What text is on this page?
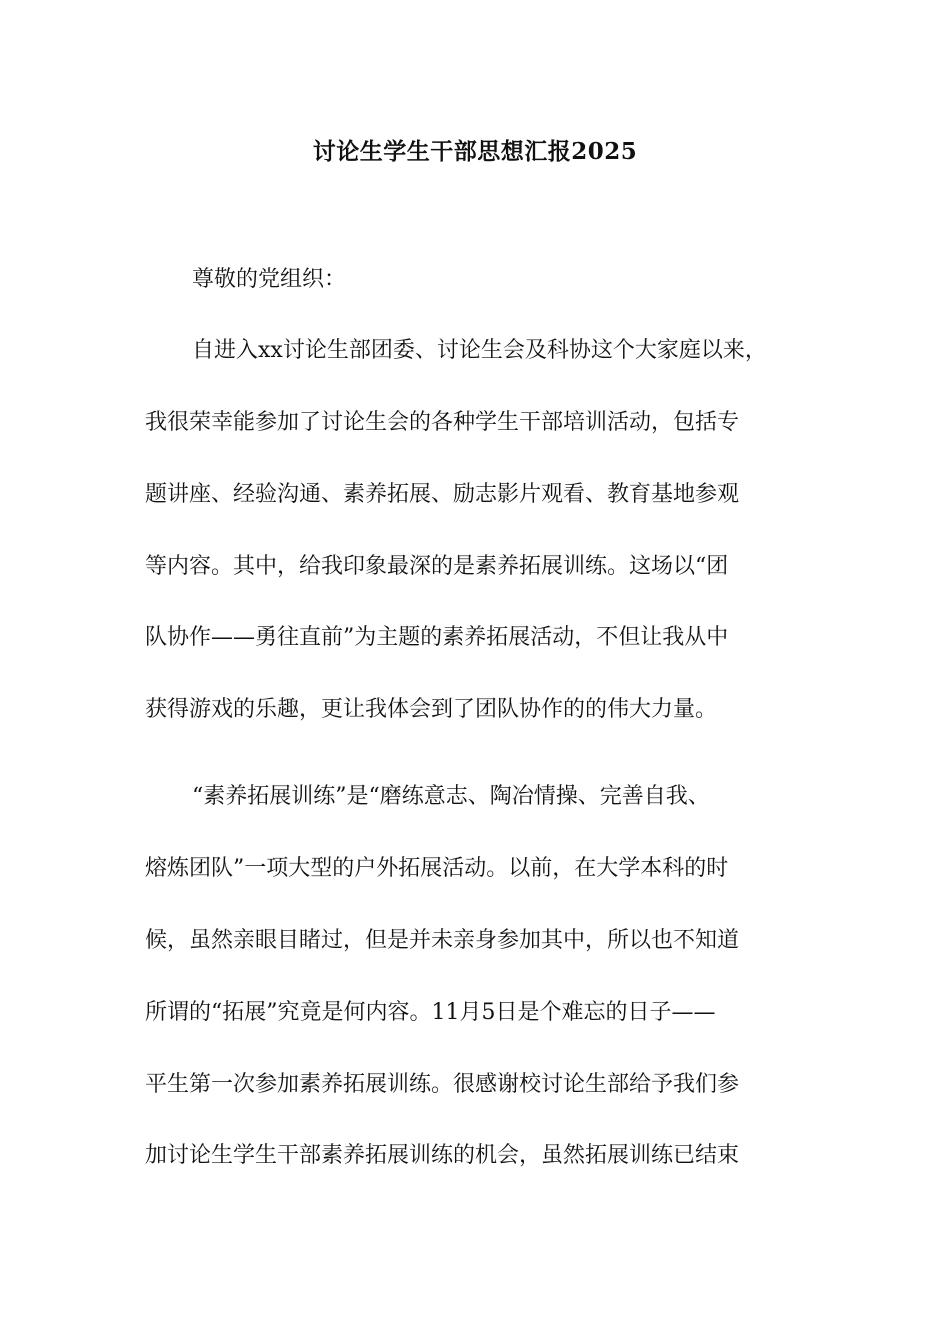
讨论生学生干部思想汇报2025
尊敬的党组织：
自进入xx讨论生部团委、讨论生会及科协这个大家庭以来，
我很荣幸能参加了讨论生会的各种学生干部培训活动，包括专
题讲座、经验沟通、素养拓展、励志影片观看、教育基地参观
等内容。其中，给我印象最深的是素养拓展训练。这场以“团
队协作——勇往直前”为主题的素养拓展活动，不但让我从中
获得游戏的乐趣，更让我体会到了团队协作的的伟大力量。
“素养拓展训练”是“磨练意志、陶冶情操、完善自我、
熔炼团队”一项大型的户外拓展活动。以前，在大学本科的时
候，虽然亲眼目睹过，但是并未亲身参加其中，所以也不知道
所谓的“拓展”究竟是何内容。11月5日是个难忘的日子——
平生第一次参加素养拓展训练。很感谢校讨论生部给予我们参
加讨论生学生干部素养拓展训练的机会，虽然拓展训练已结束
